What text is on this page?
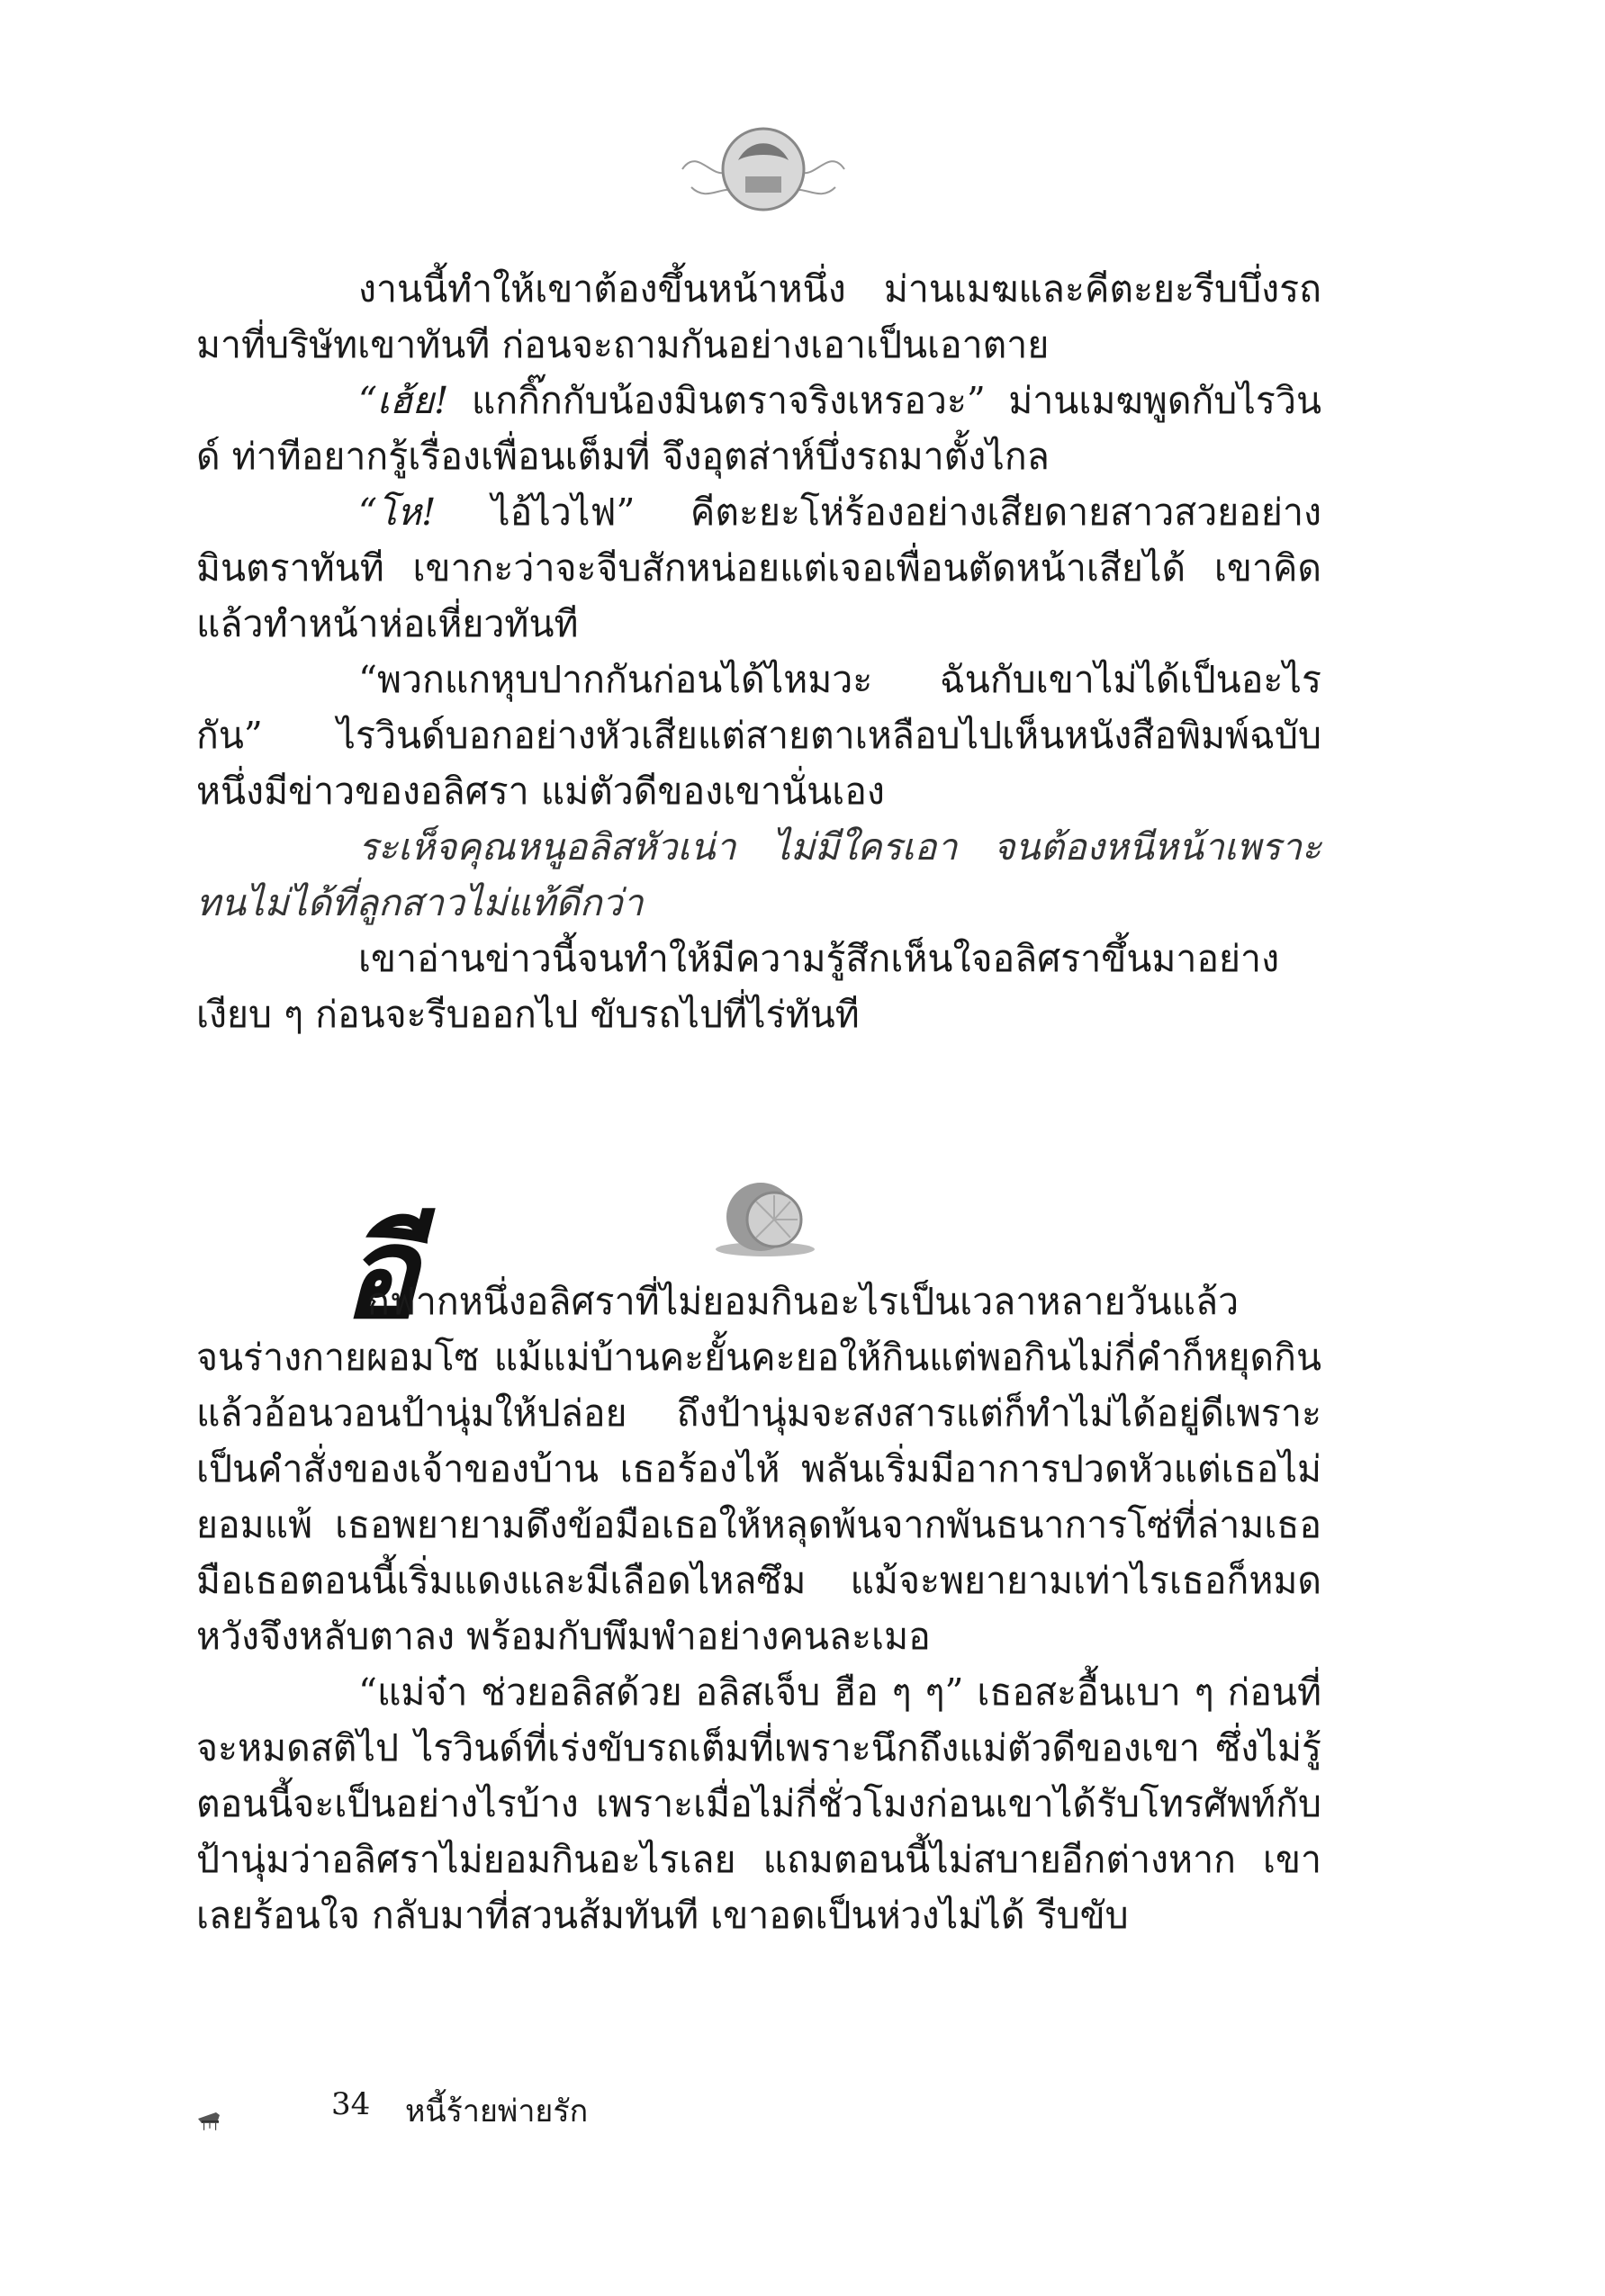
งานนี้ทำให้เขาต้องขึ้นหน้าหนึ่ง ม่านเมฆและคีตะยะรีบบึ่งรถมาที่บริษัทเขาทันที ก่อนจะถามกันอย่างเอาเป็นเอาตาย

“เฮ้ย! แกกิ๊กกับน้องมินตราจริงเหรอวะ” ม่านเมฆพูดกับไรวินด์ ท่าทีอยากรู้เรื่องเพื่อนเต็มที่ จึงอุตส่าห์บึ่งรถมาตั้งไกล

“โห! ไอ้ไวไฟ” คีตะยะโห่ร้องอย่างเสียดายสาวสวยอย่างมินตราทันที เขากะว่าจะจีบสักหน่อยแต่เจอเพื่อนตัดหน้าเสียได้ เขาคิดแล้วทำหน้าห่อเหี่ยวทันที

“พวกแกหุบปากกันก่อนได้ไหมวะ ฉันกับเขาไม่ได้เป็นอะไรกัน” ไรวินด์บอกอย่างหัวเสียแต่สายตาเหลือบไปเห็นหนังสือพิมพ์ฉบับหนึ่งมีข่าวของอลิศรา แม่ตัวดีของเขานั่นเอง

ระเห็จคุณหนูอลิสหัวเน่า ไม่มีใครเอา จนต้องหนีหน้าเพราะทนไม่ได้ที่ลูกสาวไม่แท้ดีกว่า

เขาอ่านข่าวนี้จนทำให้มีความรู้สึกเห็นใจอลิศราขึ้นมาอย่างเงียบ ๆ ก่อนจะรีบออกไป ขับรถไปที่ไร่ทันที

อี

กฟากหนึ่งอลิศราที่ไม่ยอมกินอะไรเป็นเวลาหลายวันแล้ว

จนร่างกายผอมโซ แม้แม่บ้านคะยั้นคะยอให้กินแต่พอกินไม่กี่คำก็หยุดกิน แล้วอ้อนวอนป้านุ่มให้ปล่อย ถึงป้านุ่มจะสงสารแต่ก็ทำไม่ได้อยู่ดีเพราะเป็นคำสั่งของเจ้าของบ้าน เธอร้องไห้ พลันเริ่มมีอาการปวดหัวแต่เธอไม่ยอมแพ้ เธอพยายามดึงข้อมือเธอให้หลุดพ้นจากพันธนาการโซ่ที่ล่ามเธอ มือเธอตอนนี้เริ่มแดงและมีเลือดไหลซึม แม้จะพยายามเท่าไรเธอก็หมดหวังจึงหลับตาลง พร้อมกับพึมพำอย่างคนละเมอ

“แม่จ๋า ช่วยอลิสด้วย อลิสเจ็บ ฮือ ๆ ๆ” เธอสะอื้นเบา ๆ ก่อนที่จะหมดสติไป ไรวินด์ที่เร่งขับรถเต็มที่เพราะนึกถึงแม่ตัวดีของเขา ซึ่งไม่รู้ตอนนี้จะเป็นอย่างไรบ้าง เพราะเมื่อไม่กี่ชั่วโมงก่อนเขาได้รับโทรศัพท์กับป้านุ่มว่าอลิศราไม่ยอมกินอะไรเลย แถมตอนนี้ไม่สบายอีกต่างหาก เขาเลยร้อนใจ กลับมาที่สวนส้มทันที เขาอดเป็นห่วงไม่ได้ รีบขับ

34 หนี้ร้ายพ่ายรัก
